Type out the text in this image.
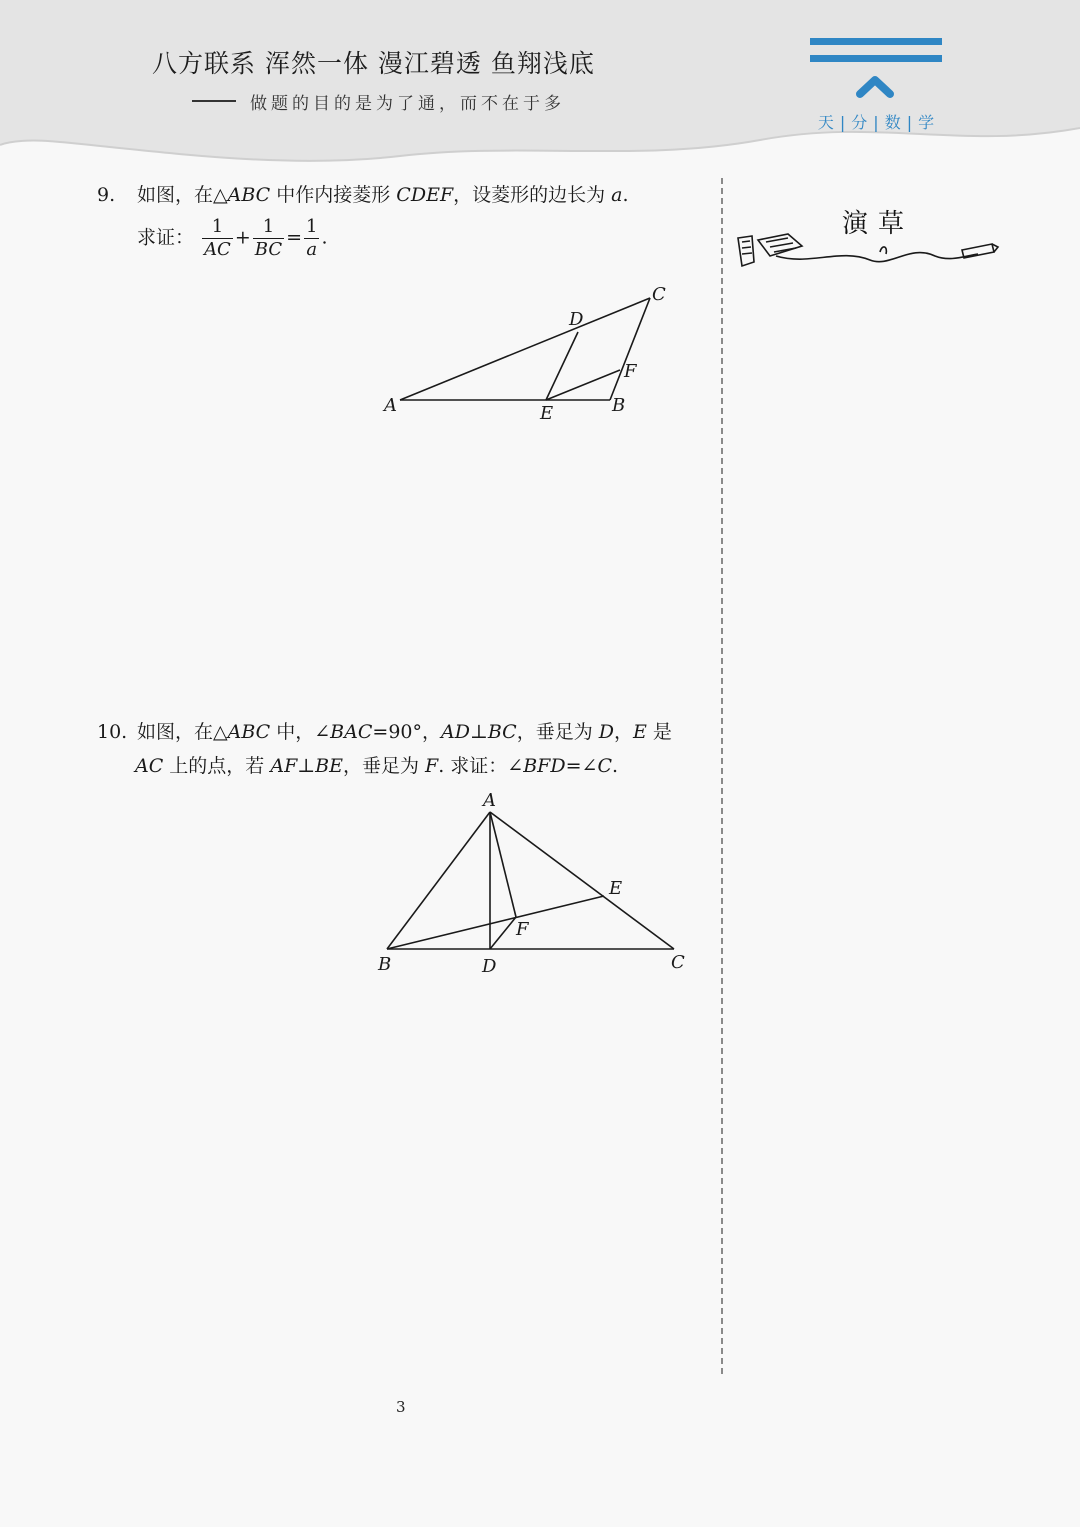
八方联系 浑然一体 漫江碧透 鱼翔浅底
做题的目的是为了通，而不在于多
天 | 分 | 数 | 学
演草
9. 如图，在△ABC 中作内接菱形 CDEF，设菱形的边长为 a.
求证： $\frac{1}{AC} + \frac{1}{BC} = \frac{1}{a}$ .
A	B
C
D
E
F
10. 如图，在△ABC 中，∠BAC=90°，AD⊥BC，垂足为 D，E 是
AC 上的点，若 AF⊥BE，垂足为 F. 求证：∠BFD=∠C.
A
B	C
D
E
F
3
